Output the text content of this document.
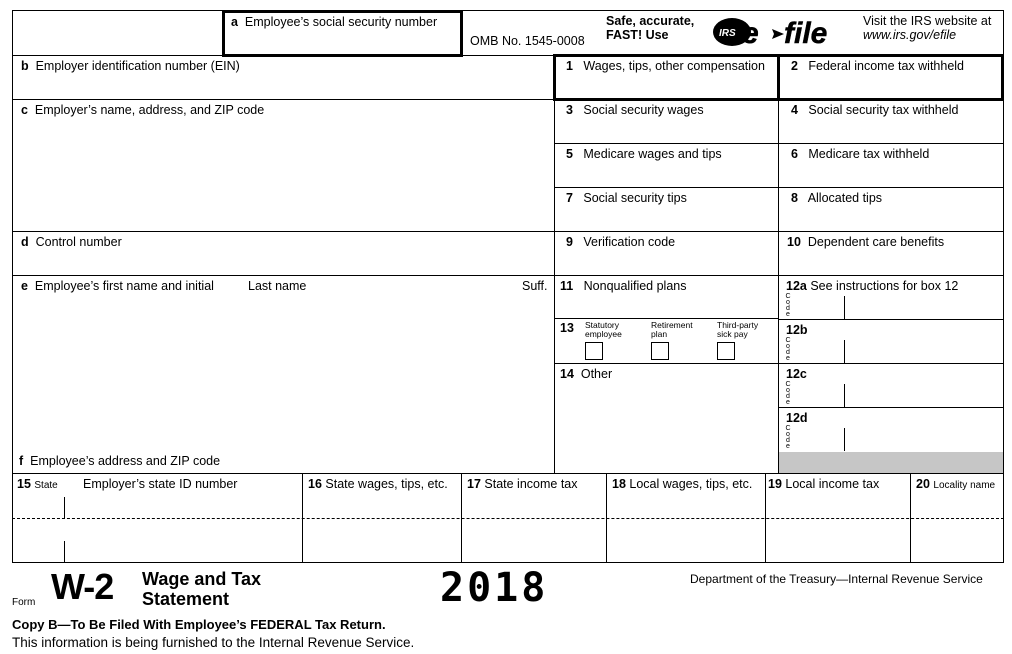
a Employee’s social security number
OMB No. 1545-0008
Safe, accurate,
FAST! Use	IRS e file	Visit the IRS website at
www.irs.gov/efile
b Employer identification number (EIN)
c Employer’s name, address, and ZIP code
d Control number
e Employee’s first name and initial	Last name	Suff.
f Employee’s address and ZIP code
1 Wages, tips, other compensation
3 Social security wages
5 Medicare wages and tips
7 Social security tips
9 Verification code
11 Nonqualified plans
13 Statutory
employee
Retirement
plan
Third-party
sick pay
14 Other
2 Federal income tax withheld
4 Social security tax withheld
6 Medicare tax withheld
8 Allocated tips
10 Dependent care benefits
12a See instructions for box 12
C
o
d
e
12b
C
o
d
e
12c
C
o
d
e
12d
C
o
d
e
15 State Employer’s state ID number	16 State wages, tips, etc. 17 State income tax	18 Local wages, tips, etc. 19 Local income tax	20 Locality name
Form W-2 Wage and Tax
Statement	2018	Department of the Treasury—Internal Revenue Service
Copy B—To Be Filed With Employee’s FEDERAL Tax Return.
This information is being furnished to the Internal Revenue Service.
